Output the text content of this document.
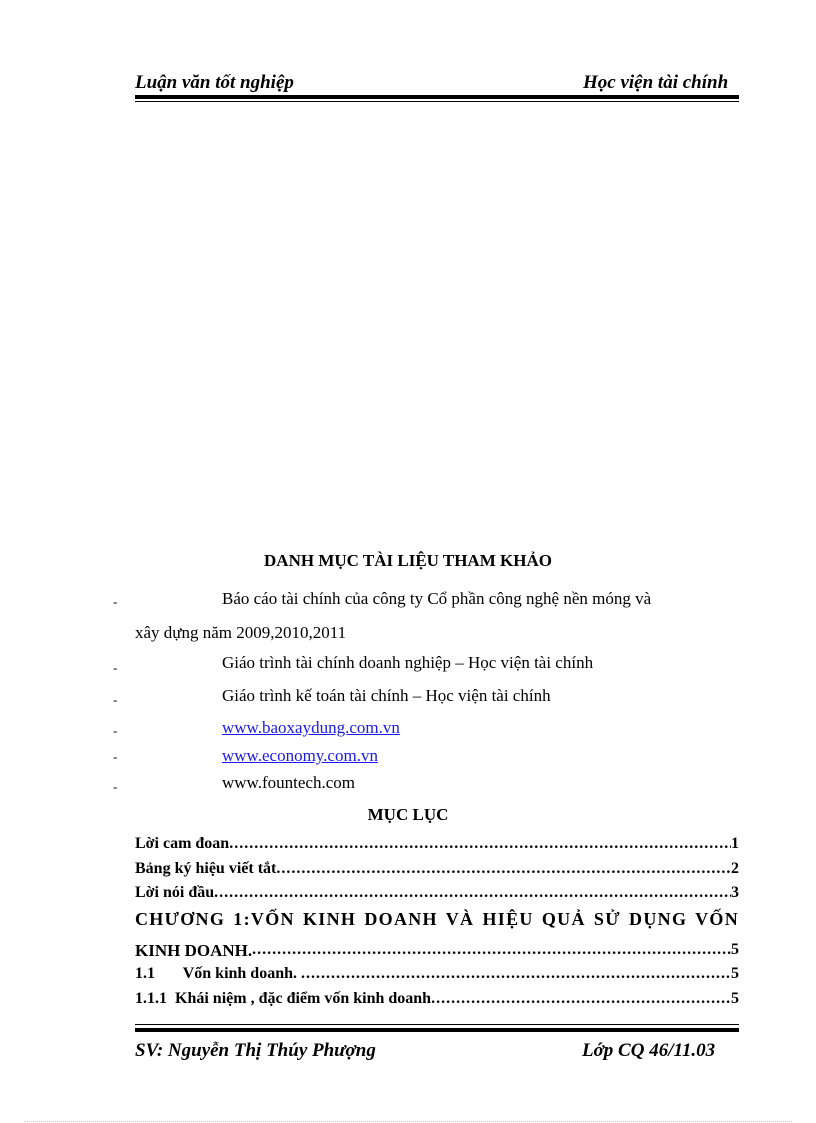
Luận văn tốt nghiệp	Học viện tài chính
DANH MỤC TÀI LIỆU THAM KHẢO
-	Báo cáo tài chính của công ty Cổ phần công nghệ nền móng và
xây dựng năm 2009,2010,2011
-	Giáo trình tài chính doanh nghiệp – Học viện tài chính
-	Giáo trình kế toán tài chính – Học viện tài chính
-	www.baoxaydung.com.vn
-	www.economy.com.vn
-	www.fountech.com
MỤC LỤC
Lời cam đoan .....	1
Bảng ký hiệu viết tắt .....	2
Lời nói đầu .....	3
CHƯƠNG 1:VỐN KINH DOANH VÀ HIỆU QUẢ SỬ DỤNG VỐN
KINH DOANH. .....	5
1.1       Vốn kinh doanh. .....	5
1.1.1  Khái niệm , đặc điểm vốn kinh doanh .....	5
SV: Nguyễn Thị Thúy Phượng	Lớp CQ 46/11.03
